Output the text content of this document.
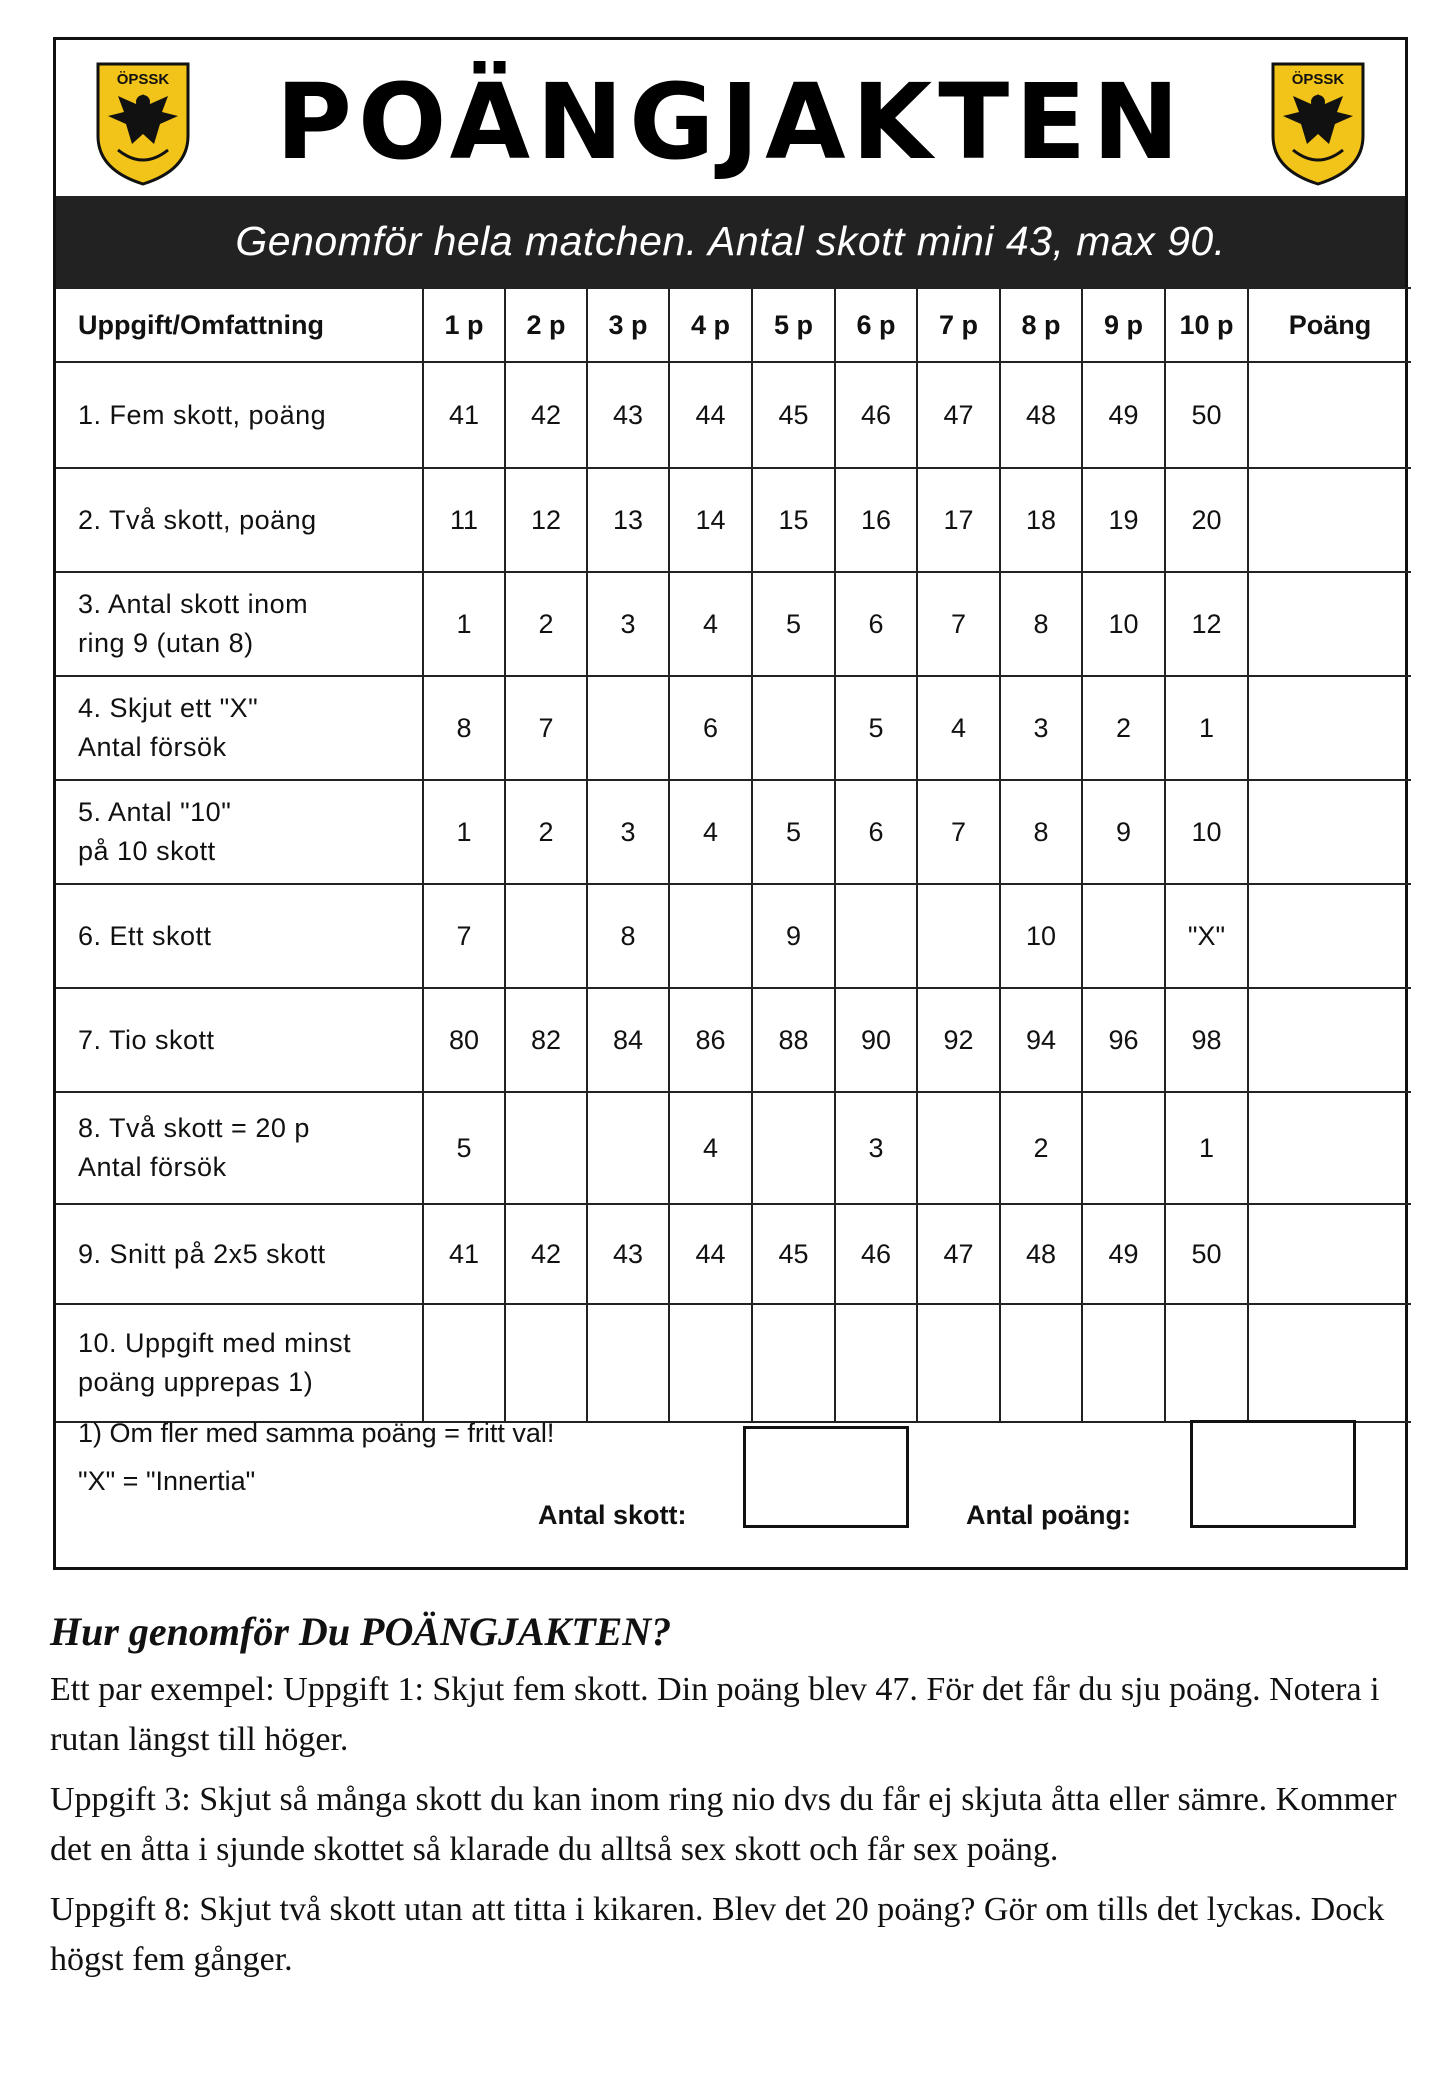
ÖPSSK	POÄNGJAKTEN	ÖPSSK
Genomför hela matchen. Antal skott mini 43, max 90.
Uppgift/Omfattning	1 p	2 p	3 p	4 p	5 p	6 p	7 p	8 p	9 p	10 p	Poäng

1. Fem skott, poäng	41	42	43	44	45	46	47	48	49	50	

2. Två skott, poäng	11	12	13	14	15	16	17	18	19	20	

3. Antal skott inom
ring 9 (utan 8)	1	2	3	4	5	6	7	8	10	12	

4. Skjut ett "X"
Antal försök	8	7		6		5	4	3	2	1	

5. Antal "10"
på 10 skott	1	2	3	4	5	6	7	8	9	10	

6. Ett skott	7		8		9			10		"X"	

7. Tio skott	80	82	84	86	88	90	92	94	96	98	

8. Två skott = 20 p
Antal försök	5			4		3		2		1	

9. Snitt på 2x5 skott	41	42	43	44	45	46	47	48	49	50	

10. Uppgift med minst
poäng upprepas 1)											

1) Om fler med samma poäng = fritt val!
"X" = "Innertia"
Antal skott:	Antal poäng:
Hur genomför Du POÄNGJAKTEN?

Ett par exempel: Uppgift 1: Skjut fem skott. Din poäng blev 47. För det får du sju poäng. Notera i rutan längst till höger.

Uppgift 3: Skjut så många skott du kan inom ring nio dvs du får ej skjuta åtta eller sämre. Kommer det en åtta i sjunde skottet så klarade du alltså sex skott och får sex poäng.

Uppgift 8: Skjut två skott utan att titta i kikaren. Blev det 20 poäng? Gör om tills det lyckas. Dock högst fem gånger.
